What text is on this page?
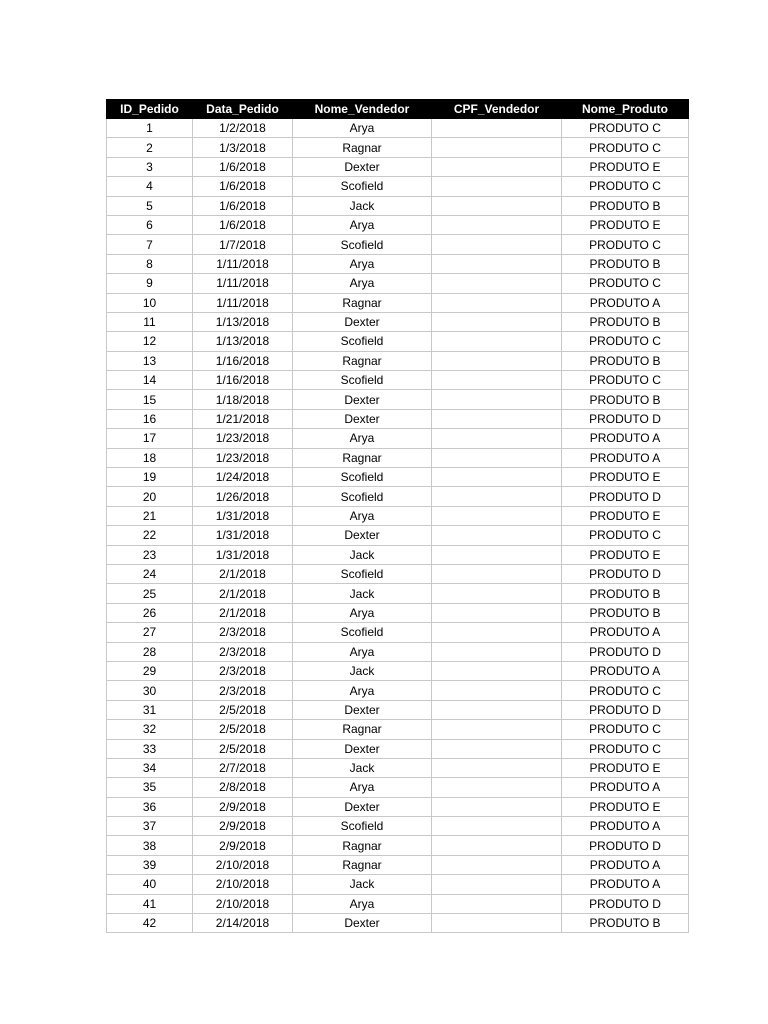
ID_Pedido	Data_Pedido	Nome_Vendedor	CPF_Vendedor	Nome_Produto
1	1/2/2018	Arya		PRODUTO C
2	1/3/2018	Ragnar		PRODUTO C
3	1/6/2018	Dexter		PRODUTO E
4	1/6/2018	Scofield		PRODUTO C
5	1/6/2018	Jack		PRODUTO B
6	1/6/2018	Arya		PRODUTO E
7	1/7/2018	Scofield		PRODUTO C
8	1/11/2018	Arya		PRODUTO B
9	1/11/2018	Arya		PRODUTO C
10	1/11/2018	Ragnar		PRODUTO A
11	1/13/2018	Dexter		PRODUTO B
12	1/13/2018	Scofield		PRODUTO C
13	1/16/2018	Ragnar		PRODUTO B
14	1/16/2018	Scofield		PRODUTO C
15	1/18/2018	Dexter		PRODUTO B
16	1/21/2018	Dexter		PRODUTO D
17	1/23/2018	Arya		PRODUTO A
18	1/23/2018	Ragnar		PRODUTO A
19	1/24/2018	Scofield		PRODUTO E
20	1/26/2018	Scofield		PRODUTO D
21	1/31/2018	Arya		PRODUTO E
22	1/31/2018	Dexter		PRODUTO C
23	1/31/2018	Jack		PRODUTO E
24	2/1/2018	Scofield		PRODUTO D
25	2/1/2018	Jack		PRODUTO B
26	2/1/2018	Arya		PRODUTO B
27	2/3/2018	Scofield		PRODUTO A
28	2/3/2018	Arya		PRODUTO D
29	2/3/2018	Jack		PRODUTO A
30	2/3/2018	Arya		PRODUTO C
31	2/5/2018	Dexter		PRODUTO D
32	2/5/2018	Ragnar		PRODUTO C
33	2/5/2018	Dexter		PRODUTO C
34	2/7/2018	Jack		PRODUTO E
35	2/8/2018	Arya		PRODUTO A
36	2/9/2018	Dexter		PRODUTO E
37	2/9/2018	Scofield		PRODUTO A
38	2/9/2018	Ragnar		PRODUTO D
39	2/10/2018	Ragnar		PRODUTO A
40	2/10/2018	Jack		PRODUTO A
41	2/10/2018	Arya		PRODUTO D
42	2/14/2018	Dexter		PRODUTO B
